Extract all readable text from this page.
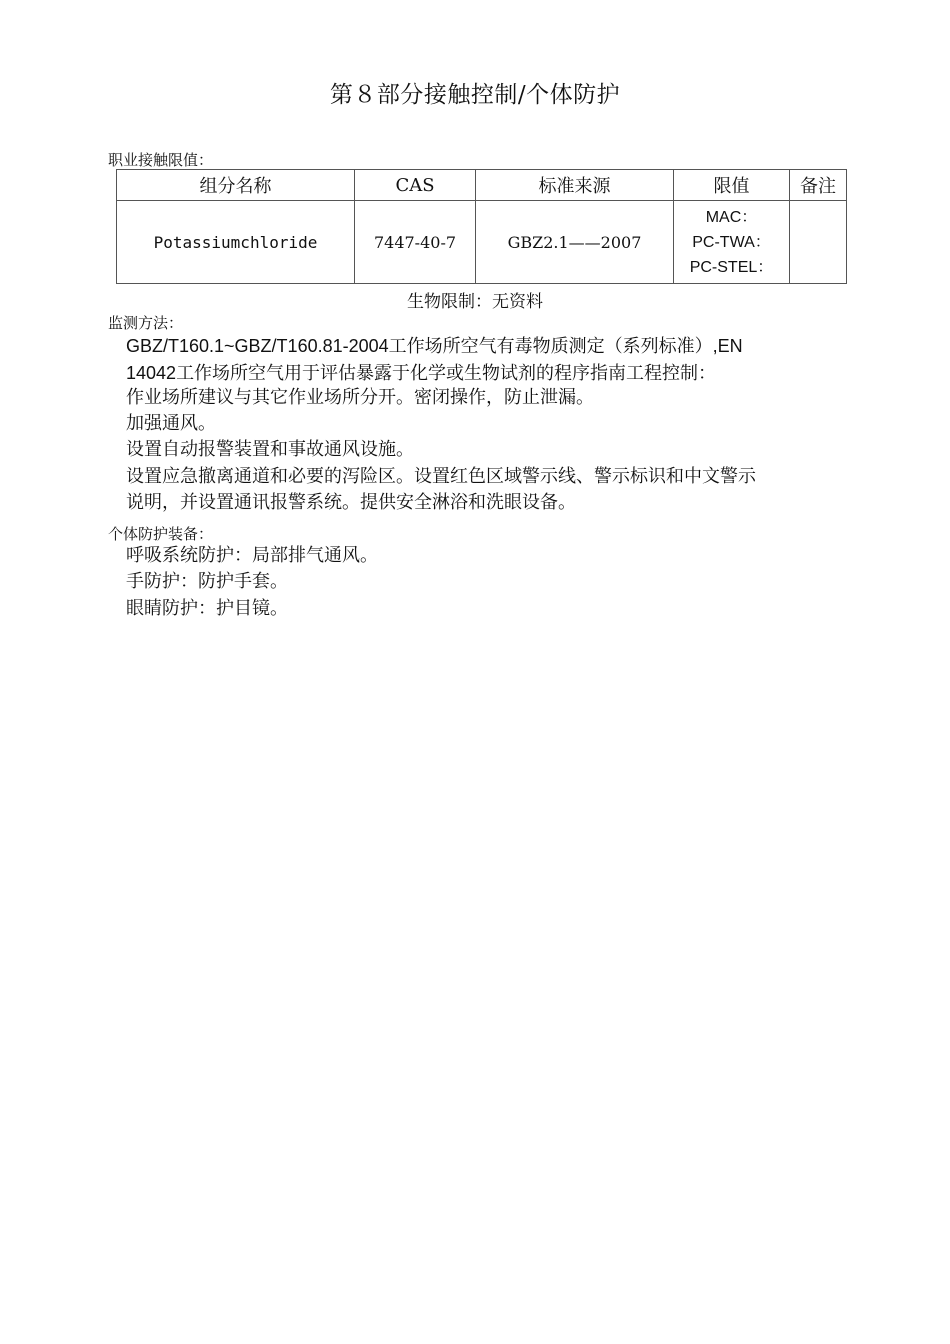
第８部分接触控制/个体防护
职业接触限值：
组分名称	CAS	标准来源	限值	备注
Potassiumchloride	7447-40-7	GBZ2.1——2007	MAC：
PC-TWA：
PC-STEL：	

生物限制：无资料
监测方法：
GBZ/T160.1~GBZ/T160.81-2004工作场所空气有毒物质测定（系列标准）,EN
14042工作场所空气用于评估暴露于化学或生物试剂的程序指南工程控制：
作业场所建议与其它作业场所分开。密闭操作，防止泄漏。
加强通风。
设置自动报警装置和事故通风设施。
设置应急撤离通道和必要的泻险区。设置红色区域警示线、警示标识和中文警示
说明，并设置通讯报警系统。提供安全淋浴和洗眼设备。
个体防护装备：
呼吸系统防护：局部排气通风。
手防护：防护手套。
眼睛防护：护目镜。
